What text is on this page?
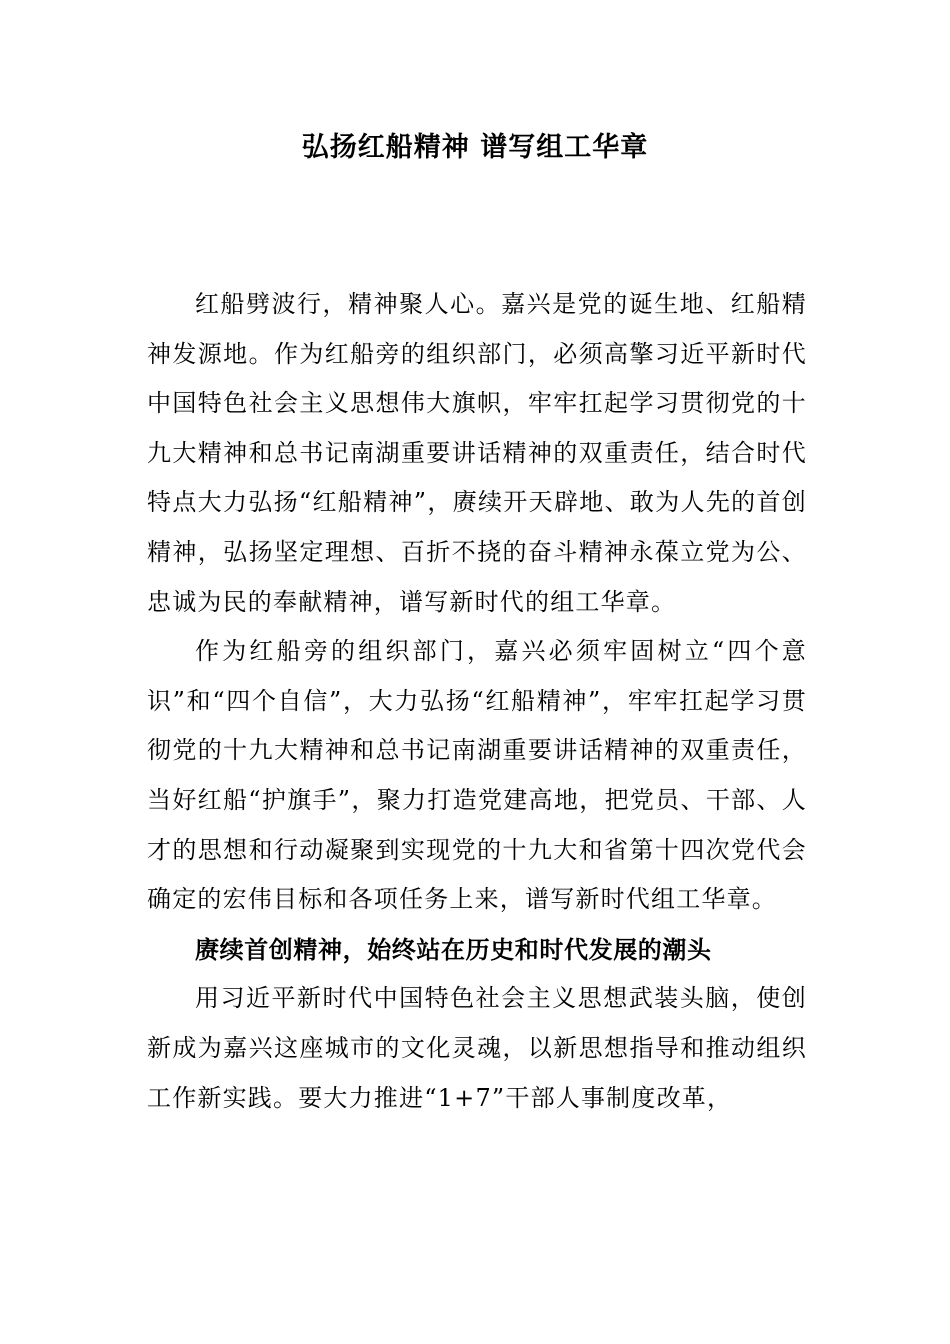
弘扬红船精神 谱写组工华章

红船劈波行，精神聚人心。嘉兴是党的诞生地、红船精神发源地。作为红船旁的组织部门，必须高擎习近平新时代中国特色社会主义思想伟大旗帜，牢牢扛起学习贯彻党的十九大精神和总书记南湖重要讲话精神的双重责任，结合时代特点大力弘扬“红船精神”，赓续开天辟地、敢为人先的首创精神，弘扬坚定理想、百折不挠的奋斗精神永葆立党为公、忠诚为民的奉献精神，谱写新时代的组工华章。

作为红船旁的组织部门，嘉兴必须牢固树立“四个意识”和“四个自信”，大力弘扬“红船精神”，牢牢扛起学习贯彻党的十九大精神和总书记南湖重要讲话精神的双重责任，当好红船“护旗手”，聚力打造党建高地，把党员、干部、人才的思想和行动凝聚到实现党的十九大和省第十四次党代会确定的宏伟目标和各项任务上来，谱写新时代组工华章。

赓续首创精神，始终站在历史和时代发展的潮头

用习近平新时代中国特色社会主义思想武装头脑，使创新成为嘉兴这座城市的文化灵魂，以新思想指导和推动组织工作新实践。要大力推进“1+7”干部人事制度改革，
